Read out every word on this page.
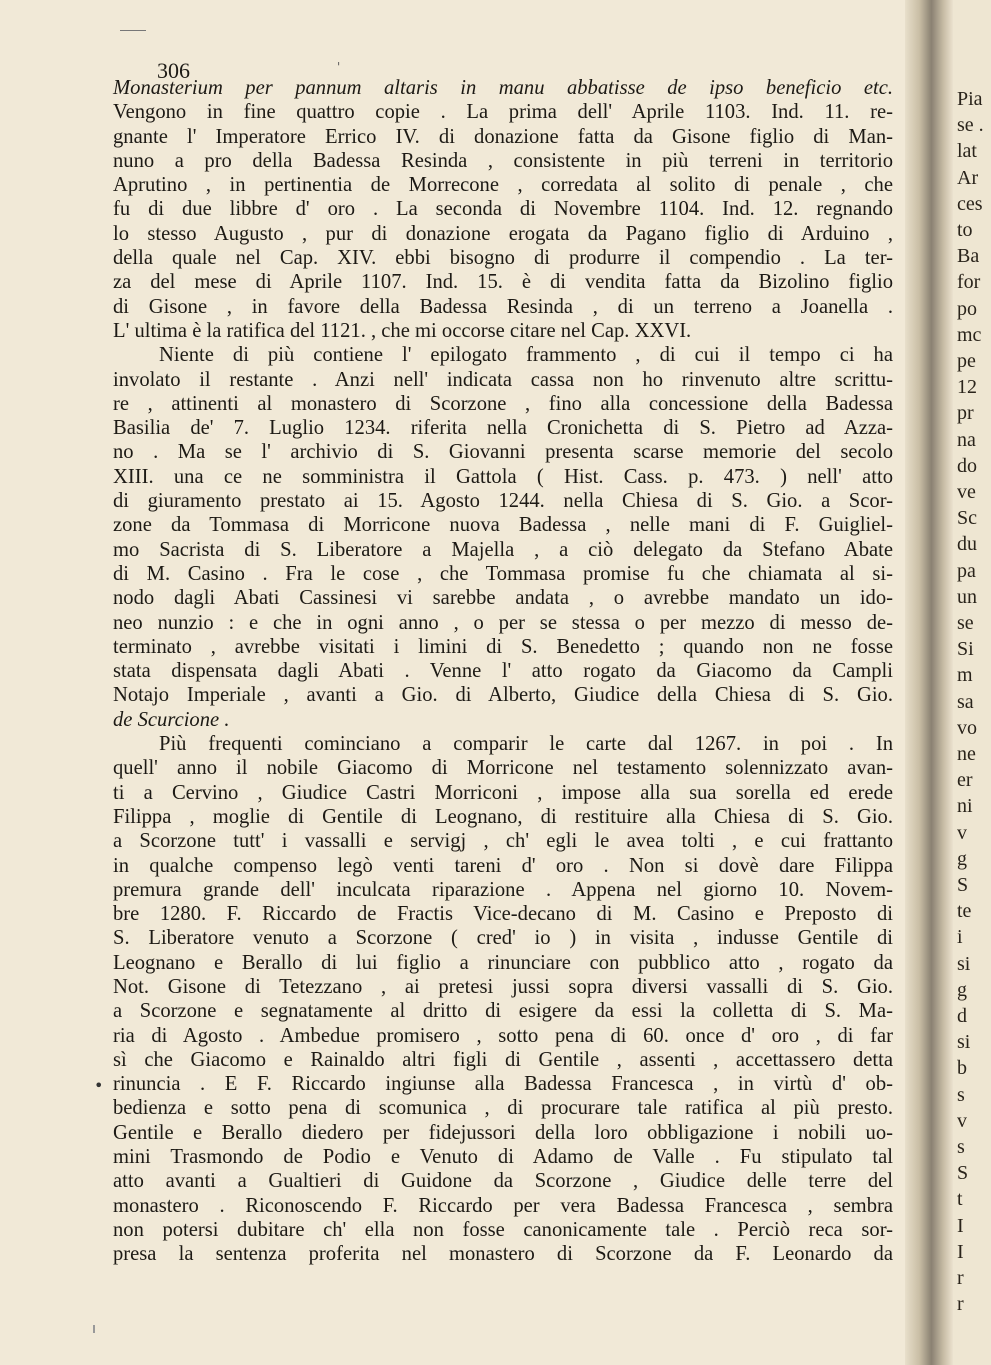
306	'
Monasterium per pannum altaris in manu abbatisse de ipso beneficio etc.
Vengono in fine quattro copie . La prima dell' Aprile 1103. Ind. 11. re-
gnante l' Imperatore Errico IV. di donazione fatta da Gisone figlio di Man-
nuno a pro della Badessa Resinda , consistente in più terreni in territorio
Aprutino , in pertinentia de Morrecone , corredata al solito di penale , che
fu di due libbre d' oro . La seconda di Novembre 1104. Ind. 12. regnando
lo stesso Augusto , pur di donazione erogata da Pagano figlio di Arduino ,
della quale nel Cap. XIV. ebbi bisogno di produrre il compendio . La ter-
za del mese di Aprile 1107. Ind. 15. è di vendita fatta da Bizolino figlio
di Gisone , in favore della Badessa Resinda , di un terreno a Joanella .
L' ultima è la ratifica del 1121. , che mi occorse citare nel Cap. XXVI.
Niente di più contiene l' epilogato frammento , di cui il tempo ci ha
involato il restante . Anzi nell' indicata cassa non ho rinvenuto altre scrittu-
re , attinenti al monastero di Scorzone , fino alla concessione della Badessa
Basilia de' 7. Luglio 1234. riferita nella Cronichetta di S. Pietro ad Azza-
no . Ma se l' archivio di S. Giovanni presenta scarse memorie del secolo
XIII. una ce ne somministra il Gattola ( Hist. Cass. p. 473. ) nell' atto
di giuramento prestato ai 15. Agosto 1244. nella Chiesa di S. Gio. a Scor-
zone da Tommasa di Morricone nuova Badessa , nelle mani di F. Guigliel-
mo Sacrista di S. Liberatore a Majella , a ciò delegato da Stefano Abate
di M. Casino . Fra le cose , che Tommasa promise fu che chiamata al si-
nodo dagli Abati Cassinesi vi sarebbe andata , o avrebbe mandato un ido-
neo nunzio : e che in ogni anno , o per se stessa o per mezzo di messo de-
terminato , avrebbe visitati i limini di S. Benedetto ; quando non ne fosse
stata dispensata dagli Abati . Venne l' atto rogato da Giacomo da Campli
Notajo Imperiale , avanti a Gio. di Alberto, Giudice della Chiesa di S. Gio.
de Scurcione .
Più frequenti cominciano a comparir le carte dal 1267. in poi . In
quell' anno il nobile Giacomo di Morricone nel testamento solennizzato avan-
ti a Cervino , Giudice Castri Morriconi , impose alla sua sorella ed erede
Filippa , moglie di Gentile di Leognano, di restituire alla Chiesa di S. Gio.
a Scorzone tutt' i vassalli e servigj , ch' egli le avea tolti , e cui frattanto
in qualche compenso legò venti tareni d' oro . Non si dovè dare Filippa
premura grande dell' inculcata riparazione . Appena nel giorno 10. Novem-
bre 1280. F. Riccardo de Fractis Vice-decano di M. Casino e Preposto di
S. Liberatore venuto a Scorzone ( cred' io ) in visita , indusse Gentile di
Leognano e Berallo di lui figlio a rinunciare con pubblico atto , rogato da
Not. Gisone di Tetezzano , ai pretesi jussi sopra diversi vassalli di S. Gio.
a Scorzone e segnatamente al dritto di esigere da essi la colletta di S. Ma-
ria di Agosto . Ambedue promisero , sotto pena di 60. once d' oro , di far
sì che Giacomo e Rainaldo altri figli di Gentile , assenti , accettassero detta
rinuncia . E F. Riccardo ingiunse alla Badessa Francesca , in virtù d' ob-
bedienza e sotto pena di scomunica , di procurare tale ratifica al più presto.
Gentile e Berallo diedero per fidejussori della loro obbligazione i nobili uo-
mini Trasmondo de Podio e Venuto di Adamo de Valle . Fu stipulato tal
atto avanti a Gualtieri di Guidone da Scorzone , Giudice delle terre del
monastero . Riconoscendo F. Riccardo per vera Badessa Francesca , sembra
non potersi dubitare ch' ella non fosse canonicamente tale . Perciò reca sor-
presa la sentenza proferita nel monastero di Scorzone da F. Leonardo da
•
Pia
se .
lat
Ar
ces
to
Ba
for
po
mc
pe
12
pr
na
do
ve
Sc
du
pa
un
se
Si
m
sa
vo
ne
er
ni
v
g
S
te
i
si
g
d
si
b
s
v
s
S
t
I
I
r
r
